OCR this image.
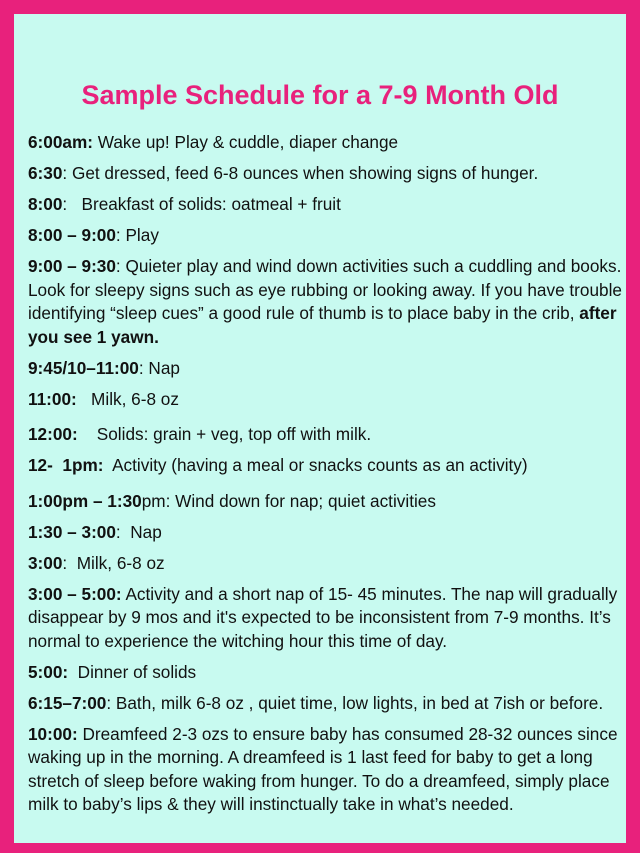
Sample Schedule for a 7-9 Month Old
6:00am: Wake up! Play & cuddle, diaper change
6:30: Get dressed, feed 6-8 ounces when showing signs of hunger.
8:00:   Breakfast of solids: oatmeal + fruit
8:00 – 9:00: Play
9:00 – 9:30: Quieter play and wind down activities such a cuddling and books. Look for sleepy signs such as eye rubbing or looking away. If you have trouble identifying “sleep cues” a good rule of thumb is to place baby in the crib, after you see 1 yawn.
9:45/10–11:00: Nap
11:00:   Milk, 6-8 oz
12:00:    Solids: grain + veg, top off with milk.
12-  1pm:  Activity (having a meal or snacks counts as an activity)
1:00pm – 1:30pm: Wind down for nap; quiet activities
1:30 – 3:00:  Nap
3:00:  Milk, 6-8 oz
3:00 – 5:00: Activity and a short nap of 15- 45 minutes. The nap will gradually disappear by 9 mos and it's expected to be inconsistent from 7-9 months. It’s normal to experience the witching hour this time of day.
5:00:  Dinner of solids
6:15–7:00: Bath, milk 6-8 oz , quiet time, low lights, in bed at 7ish or before.
10:00: Dreamfeed 2-3 ozs to ensure baby has consumed 28-32 ounces since waking up in the morning. A dreamfeed is 1 last feed for baby to get a long stretch of sleep before waking from hunger. To do a dreamfeed, simply place milk to baby’s lips & they will instinctually take in what’s needed.
